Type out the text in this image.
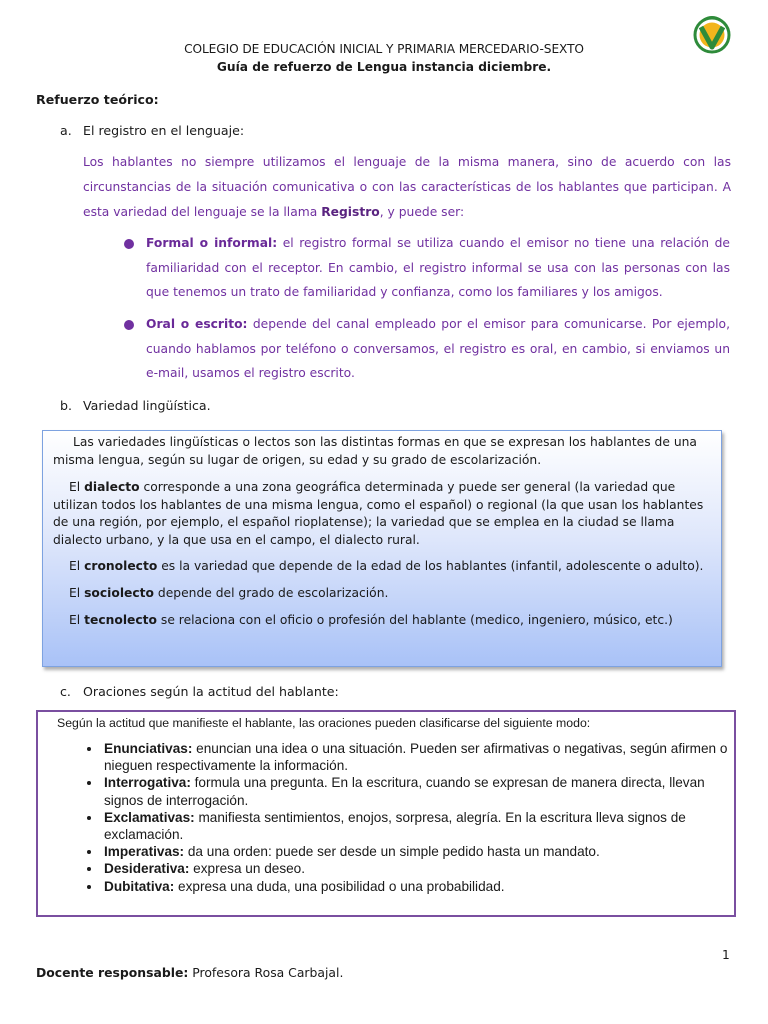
COLEGIO DE EDUCACIÓN INICIAL Y PRIMARIA MERCEDARIO-SEXTO
Guía de refuerzo de Lengua instancia diciembre.
Refuerzo teórico:
a. El registro en el lenguaje:
Los hablantes no siempre utilizamos el lenguaje de la misma manera, sino de acuerdo con las circunstancias de la situación comunicativa o con las características de los hablantes que participan. A esta variedad del lenguaje se la llama Registro, y puede ser:
Formal o informal: el registro formal se utiliza cuando el emisor no tiene una relación de familiaridad con el receptor. En cambio, el registro informal se usa con las personas con las que tenemos un trato de familiaridad y confianza, como los familiares y los amigos.
Oral o escrito: depende del canal empleado por el emisor para comunicarse. Por ejemplo, cuando hablamos por teléfono o conversamos, el registro es oral, en cambio, si enviamos un e-mail, usamos el registro escrito.
b. Variedad lingüística.

Las variedades lingüísticas o lectos son las distintas formas en que se expresan los hablantes de una misma lengua, según su lugar de origen, su edad y su grado de escolarización.

El dialecto corresponde a una zona geográfica determinada y puede ser general (la variedad que utilizan todos los hablantes de una misma lengua, como el español) o regional (la que usan los hablantes de una región, por ejemplo, el español rioplatense); la variedad que se emplea en la ciudad se llama dialecto urbano, y la que usa en el campo, el dialecto rural.

El cronolecto es la variedad que depende de la edad de los hablantes (infantil, adolescente o adulto).

El sociolecto depende del grado de escolarización.

El tecnolecto se relaciona con el oficio o profesión del hablante (medico, ingeniero, músico, etc.)

c. Oraciones según la actitud del hablante:
Según la actitud que manifieste el hablante, las oraciones pueden clasificarse del siguiente modo:
• Enunciativas: enuncian una idea o una situación. Pueden ser afirmativas o negativas, según afirmen o nieguen respectivamente la información.
• Interrogativa: formula una pregunta. En la escritura, cuando se expresan de manera directa, llevan signos de interrogación.
• Exclamativas: manifiesta sentimientos, enojos, sorpresa, alegría. En la escritura lleva signos de exclamación.
• Imperativas: da una orden: puede ser desde un simple pedido hasta un mandato.
• Desiderativa: expresa un deseo.
• Dubitativa: expresa una duda, una posibilidad o una probabilidad.
1
Docente responsable: Profesora Rosa Carbajal.
